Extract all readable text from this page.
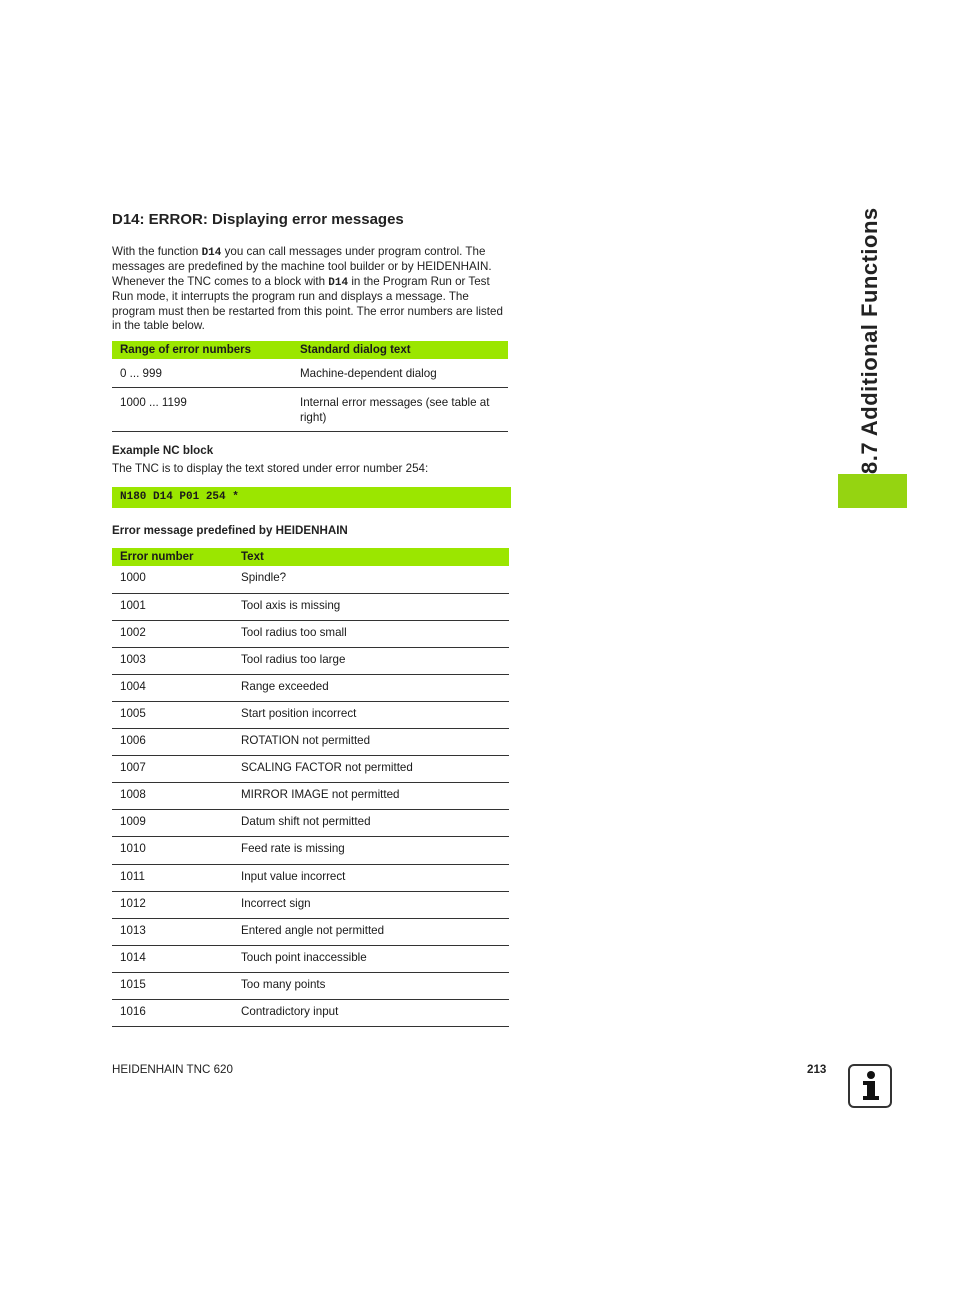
8.7 Additional Functions
D14: ERROR: Displaying error messages

With the function D14 you can call messages under program control. The messages are predefined by the machine tool builder or by HEIDENHAIN. Whenever the TNC comes to a block with D14 in the Program Run or Test Run mode, it interrupts the program run and displays a message. The program must then be restarted from this point. The error numbers are listed in the table below.

Range of error numbers	Standard dialog text
0 ... 999	Machine-dependent dialog
1000 ... 1199	Internal error messages (see table at right)

Example NC block

The TNC is to display the text stored under error number 254:

N180 D14 P01 254 *

Error message predefined by HEIDENHAIN

Error number	Text
1000	Spindle?
1001	Tool axis is missing
1002	Tool radius too small
1003	Tool radius too large
1004	Range exceeded
1005	Start position incorrect
1006	ROTATION not permitted
1007	SCALING FACTOR not permitted
1008	MIRROR IMAGE not permitted
1009	Datum shift not permitted
1010	Feed rate is missing
1011	Input value incorrect
1012	Incorrect sign
1013	Entered angle not permitted
1014	Touch point inaccessible
1015	Too many points
1016	Contradictory input
HEIDENHAIN TNC 620	213
